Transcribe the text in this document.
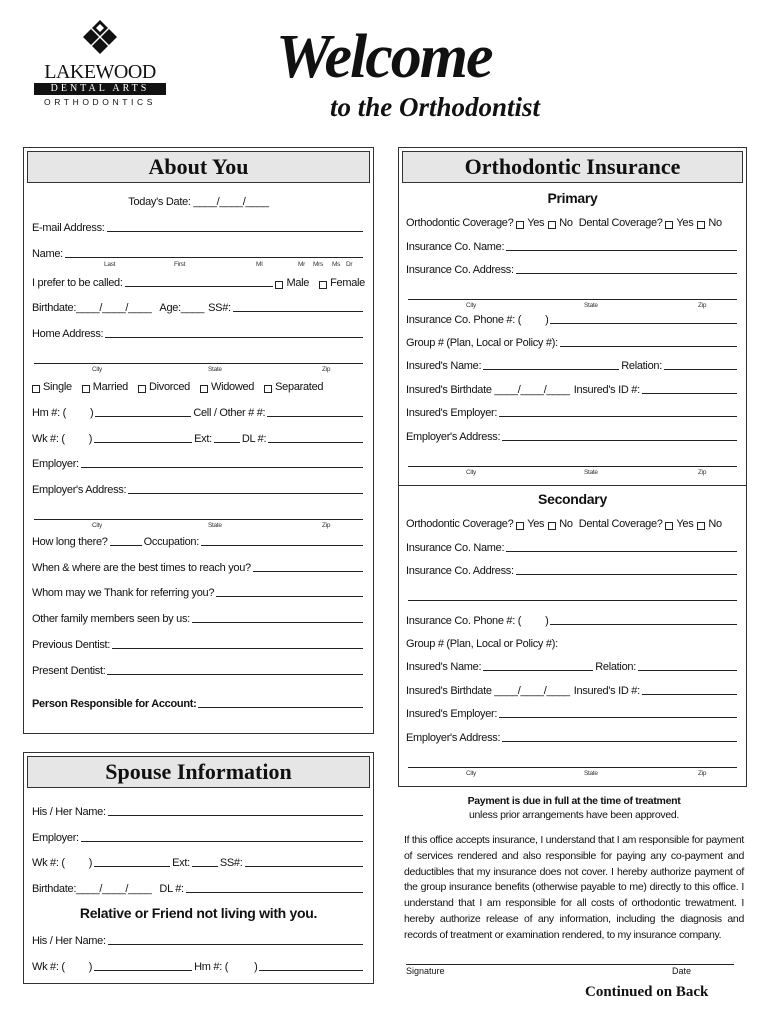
LAKEWOOD
DENTAL ARTS
ORTHODONTICS
Welcome
to the Orthodontist
About You
Today's Date: ____/____/____
E-mail Address:
Name:
Last	First	MI	Mr Mrs Ms Dr
I prefer to be called:	Male Female
Birthdate:____/____/____ Age:____ SS#:
Home Address:
City	State	Zip
Single Married Divorced Widowed Separated
Hm #: ( )	Cell / Other # #:
Wk #: ( )	Ext:	DL #:
Employer:
Employer's Address:
City	State	Zip
How long there?	Occupation:
When & where are the best times to reach you?
Whom may we Thank for referring you?
Other family members seen by us:
Previous Dentist:
Present Dentist:
Person Responsible for Account:
Spouse Information
His / Her Name:
Employer:
Wk #: ( )	Ext:	SS#:
Birthdate:____/____/____ DL #:
Relative or Friend not living with you.
His / Her Name:
Wk #: ( )	Hm #: ( )
Orthodontic Insurance
Primary
Orthodontic Coverage?
Yes No Dental Coverage?
Yes No
Insurance Co. Name:
Insurance Co. Address:
City	State	Zip
Insurance Co. Phone #: ( )
Group # (Plan, Local or Policy #):
Insured's Name:	Relation:
Insured's Birthdate ____/____/____ Insured's ID #:
Insured's Employer:
Employer's Address:
City	State	Zip
Secondary
Orthodontic Coverage?
Yes No Dental Coverage?
Yes No
Insurance Co. Name:
Insurance Co. Address:
Insurance Co. Phone #: ( )
Group # (Plan, Local or Policy #):
Insured's Name:	Relation:
Insured's Birthdate ____/____/____ Insured's ID #:
Insured's Employer:
Employer's Address:
City	State	Zip
Payment is due in full at the time of treatment
unless prior arrangements have been approved.
If this office accepts insurance, I understand that I am responsible for payment of services rendered and also responsible for paying any co-payment and deductibles that my insurance does not cover. I hereby authorize payment of the group insurance benefits (otherwise payable to me) directly to this office. I understand that I am responsible for all costs of orthodontic trewatment. I hereby authorize release of any information, including the diagnosis and records of treatment or examination rendered, to my insurance company.
Signature	Date
Continued on Back
